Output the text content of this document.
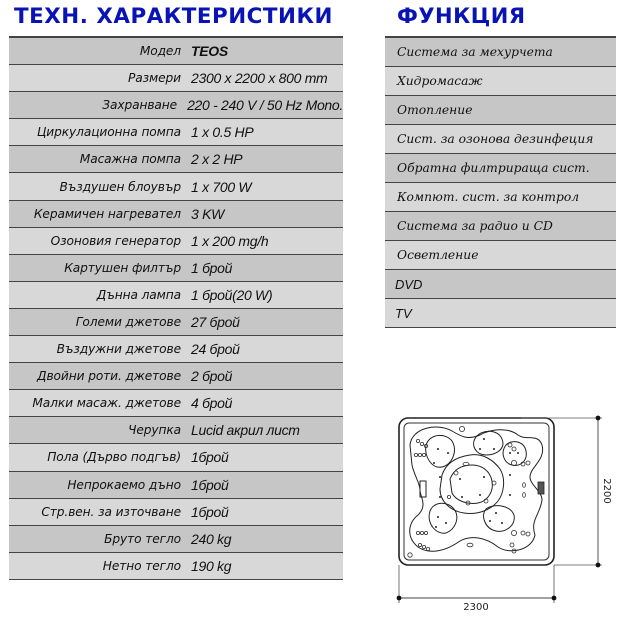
ТЕХН. ХАРАКТЕРИСТИКИ	ФУНКЦИЯ
Модел TEOS
Размери 2300 x 2200 x 800 mm
Захранване 220 - 240 V / 50 Hz Mono.
Циркулационна помпа 1 x 0.5 HP
Масажна помпа 2 x 2 HP
Въздушен блоувър 1 x 700 W
Керамичен нагревател 3 KW
Озоновия генератор 1 x 200 mg/h
Картушен филтър 1 брой
Дънна лампа 1 брой(20 W)
Големи джетове 27 брой
Въздужни джетове 24 брой
Двойни роти. джетове 2 брой
Малки масаж. джетове 4 брой
Черупка Lucid акрил лист
Пола (Дърво подгъв) 1брой
Непрокаемо дъно 1брой
Стр.вен. за източване 1брой
Бруто тегло 240 kg
Нетно тегло 190 kg
Система за мехурчета
Хидромасаж
Отопление
Сист. за озонова дезинфеция
Обратна филтрираща сист.
Компют. сист. за контрол
Система за радио и CD
Осветление
DVD
TV
2300
2200
